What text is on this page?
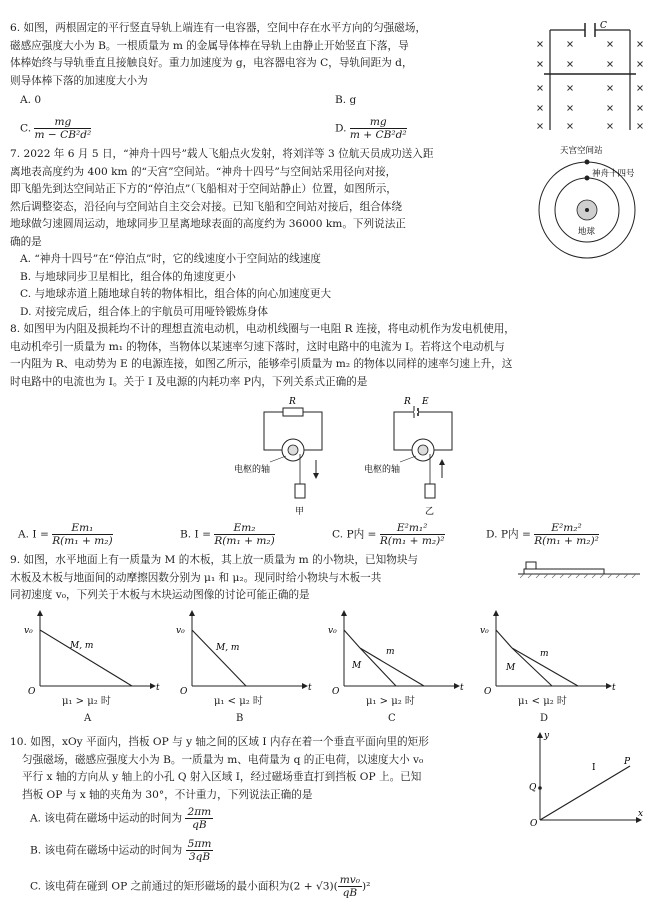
6. 如图，两根固定的平行竖直导轨上端连有一电容器，空间中存在水平方向的匀强磁场，
磁感应强度大小为 B。一根质量为 m 的金属导体棒在导轨上由静止开始竖直下落，导
体棒始终与导轨垂直且接触良好。重力加速度为 g，电容器电容为 C，导轨间距为 d，
则导体棒下落的加速度大小为
A. 0	B. g
C. $\frac{mg}{\text{m − CB²d²}}$	D. $\frac{mg}{\text{m + CB²d²}}$
C
7. 2022 年 6 月 5 日，“神舟十四号”载人飞船点火发射，将刘洋等 3 位航天员成功送入距
离地表高度约为 400 km 的“天宫”空间站。“神舟十四号”与空间站采用径向对接，
即飞船先到达空间站正下方的“停泊点”（飞船相对于空间站静止）位置，如图所示，
然后调整姿态，沿径向与空间站自主交会对接。已知飞船和空间站对接后，组合体绕
地球做匀速圆周运动，地球同步卫星离地球表面的高度约为 36000 km。下列说法正
确的是
A. “神舟十四号”在“停泊点”时，它的线速度小于空间站的线速度
B. 与地球同步卫星相比，组合体的角速度更小
C. 与地球赤道上随地球自转的物体相比，组合体的向心加速度更大
D. 对接完成后，组合体上的宇航员可用哑铃锻炼身体
天宫空间站
神舟十四号
地球
8. 如图甲为内阻及损耗均不计的理想直流电动机，电动机线圈与一电阻 R 连接，将电动机作为发电机使用，
电动机牵引一质量为 m₁ 的物体，当物体以某速率匀速下落时，这时电路中的电流为 I。若将这个电动机与
一内阻为 R、电动势为 E 的电源连接，如图乙所示，能够牵引质量为 m₂ 的物体以同样的速率匀速上升，这
时电路中的电流也为 I。关于 I 及电源的内耗功率 P内，下列关系式正确的是
R
电枢的轴
甲
R E
电枢的轴
乙
A. $I = \frac{\text{Em₁}}{\text{R(m₁ + m₂)}}$	B. $I = \frac{\text{Em₂}}{\text{R(m₁ + m₂)}}$	C. P内 = $\frac{\text{E²m₁²}}{\text{R(m₁ + m₂)²}}$	D. P内 = $\frac{\text{E²m₂²}}{\text{R(m₁ + m₂)²}}$
9. 如图，水平地面上有一质量为 M 的木板，其上放一质量为 m 的小物块，已知物块与
木板及木板与地面间的动摩擦因数分别为 μ₁ 和 μ₂。现同时给小物块与木板一共
同初速度 v₀，下列关于木板与木块运动图像的讨论可能正确的是
v₀
O	t
M, m
μ₁ > μ₂ 时
A
v₀
O	t
M, m
μ₁ < μ₂ 时
B
v₀
O	t
m
M
μ₁ > μ₂ 时
C
v₀
O	t
m
M
μ₁ < μ₂ 时
D
10. 如图，xOy 平面内，挡板 OP 与 y 轴之间的区域 Ⅰ 内存在着一个垂直平面向里的矩形
匀强磁场，磁感应强度大小为 B。一质量为 m、电荷量为 q 的正电荷，以速度大小 v₀
平行 x 轴的方向从 y 轴上的小孔 Q 射入区域 Ⅰ，经过磁场垂直打到挡板 OP 上。已知
挡板 OP 与 x 轴的夹角为 30°，不计重力，下列说法正确的是
A. 该电荷在磁场中运动的时间为 $\frac{2\pi m}{qB}$
B. 该电荷在磁场中运动的时间为 $\frac{5\pi m}{3qB}$
C. 该电荷在碰到 OP 之前通过的矩形磁场的最小面积为$(2 + √3)( \frac{\text{mv₀}}{qB} )^2$
y
x
O
Q
P
Ⅰ
